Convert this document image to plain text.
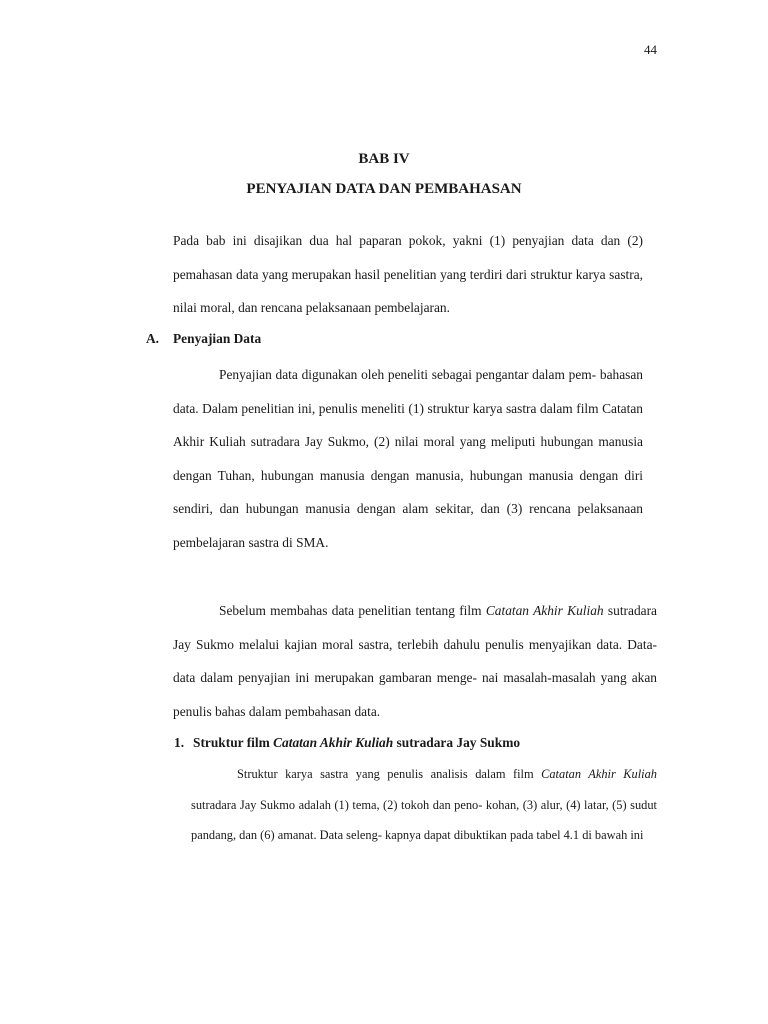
44
BAB IV
PENYAJIAN DATA DAN PEMBAHASAN

Pada bab ini disajikan dua hal paparan pokok, yakni (1) penyajian data dan (2) pemahasan data yang merupakan hasil penelitian yang terdiri dari struktur karya sastra, nilai moral, dan rencana pelaksanaan pembelajaran.

A. Penyajian Data

Penyajian data digunakan oleh peneliti sebagai pengantar dalam pem- bahasan data. Dalam penelitian ini, penulis meneliti (1) struktur karya sastra dalam film Catatan Akhir Kuliah sutradara Jay Sukmo, (2) nilai moral yang meliputi hubungan manusia dengan Tuhan, hubungan manusia dengan manusia, hubungan manusia dengan diri sendiri, dan hubungan manusia dengan alam sekitar, dan (3) rencana pelaksanaan pembelajaran sastra di SMA.

Sebelum membahas data penelitian tentang film Catatan Akhir Kuliah sutradara Jay Sukmo melalui kajian moral sastra, terlebih dahulu penulis menyajikan data. Data-data dalam penyajian ini merupakan gambaran menge- nai masalah-masalah yang akan penulis bahas dalam pembahasan data.

1. Struktur film Catatan Akhir Kuliah sutradara Jay Sukmo

Struktur karya sastra yang penulis analisis dalam film Catatan Akhir Kuliah sutradara Jay Sukmo adalah (1) tema, (2) tokoh dan peno- kohan, (3) alur, (4) latar, (5) sudut pandang, dan (6) amanat. Data seleng- kapnya dapat dibuktikan pada tabel 4.1 di bawah ini
